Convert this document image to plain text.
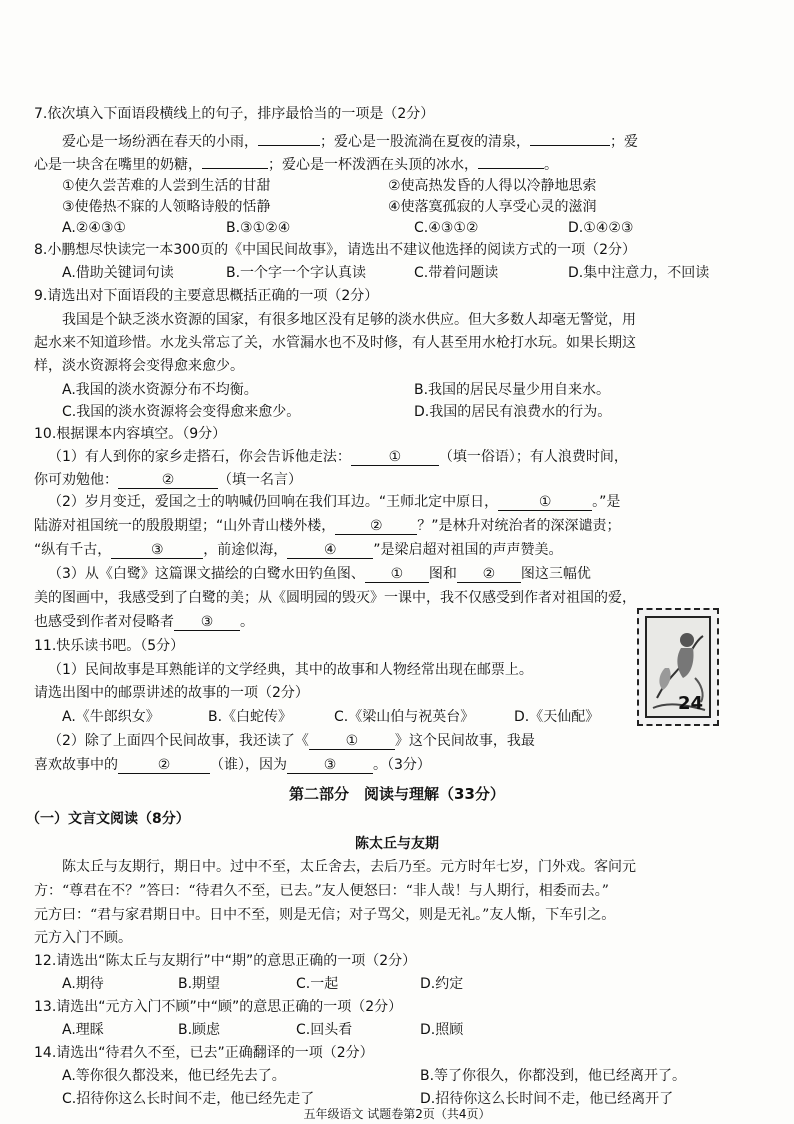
7.依次填入下面语段横线上的句子，排序最恰当的一项是（2分）
爱心是一场纷洒在春天的小雨，	；爱心是一股流淌在夏夜的清泉，	；爱
心是一块含在嘴里的奶糖，	；爱心是一杯泼洒在头顶的冰水，	。
①使久尝苦难的人尝到生活的甘甜	②使高热发昏的人得以冷静地思索
③使倦热不寐的人领略诗般的恬静	④使落寞孤寂的人享受心灵的滋润
A.②④③①	B.③①②④	C.④③①②	D.①④②③
8.小鹏想尽快读完一本300页的《中国民间故事》，请选出不建议他选择的阅读方式的一项（2分）
A.借助关键词句读	B.一个字一个字认真读	C.带着问题读	D.集中注意力，不回读
9.请选出对下面语段的主要意思概括正确的一项（2分）
我国是个缺乏淡水资源的国家，有很多地区没有足够的淡水供应。但大多数人却毫无警觉，用
起水来不知道珍惜。水龙头常忘了关，水管漏水也不及时修，有人甚至用水枪打水玩。如果长期这
样，淡水资源将会变得愈来愈少。
A.我国的淡水资源分布不均衡。	B.我国的居民尽量少用自来水。
C.我国的淡水资源将会变得愈来愈少。	D.我国的居民有浪费水的行为。
10.根据课本内容填空。（9分）
（1）有人到你的家乡走搭石，你会告诉他走法：	①	（填一俗语）；有人浪费时间，
你可劝勉他：	②	（填一名言）
（2）岁月变迁，爱国之士的呐喊仍回响在我们耳边。“王师北定中原日，	①	。”是
陆游对祖国统一的殷殷期望；“山外青山楼外楼， ② ？”是林升对统治者的深深谴责；
“纵有千古，	③	，前途似海，	④	”是梁启超对祖国的声声赞美。
（3）从《白鹭》这篇课文描绘的白鹭水田钓鱼图、 ① 图和 ② 图这三幅优
美的图画中，我感受到了白鹭的美；从《圆明园的毁灭》一课中，我不仅感受到作者对祖国的爱，
也感受到作者对侵略者 ③ 。
11.快乐读书吧。（5分）
（1）民间故事是耳熟能详的文学经典，其中的故事和人物经常出现在邮票上。
请选出图中的邮票讲述的故事的一项（2分）
A.《牛郎织女》	B.《白蛇传》	C.《梁山伯与祝英台》	D.《天仙配》
（2）除了上面四个民间故事，我还读了《	①	》这个民间故事，我最
喜欢故事中的	②	（谁），因为	③	。（3分）
24
第二部分　阅读与理解（33分）
（一）文言文阅读（8分）
陈太丘与友期
陈太丘与友期行，期日中。过中不至，太丘舍去，去后乃至。元方时年七岁，门外戏。客问元
方：“尊君在不？”答曰：“待君久不至，已去。”友人便怒曰：“非人哉！与人期行，相委而去。”
元方曰：“君与家君期日中。日中不至，则是无信；对子骂父，则是无礼。”友人惭，下车引之。
元方入门不顾。
12.请选出“陈太丘与友期行”中“期”的意思正确的一项（2分）
A.期待	B.期望	C.一起	D.约定
13.请选出“元方入门不顾”中“顾”的意思正确的一项（2分）
A.理睬	B.顾虑	C.回头看	D.照顾
14.请选出“待君久不至，已去”正确翻译的一项（2分）
A.等你很久都没来，他已经先去了。	B.等了你很久，你都没到，他已经离开了。
C.招待你这么长时间不走，他已经先走了	D.招待你这么长时间不走，他已经离开了
五年级语文 试题卷第2页（共4页）
